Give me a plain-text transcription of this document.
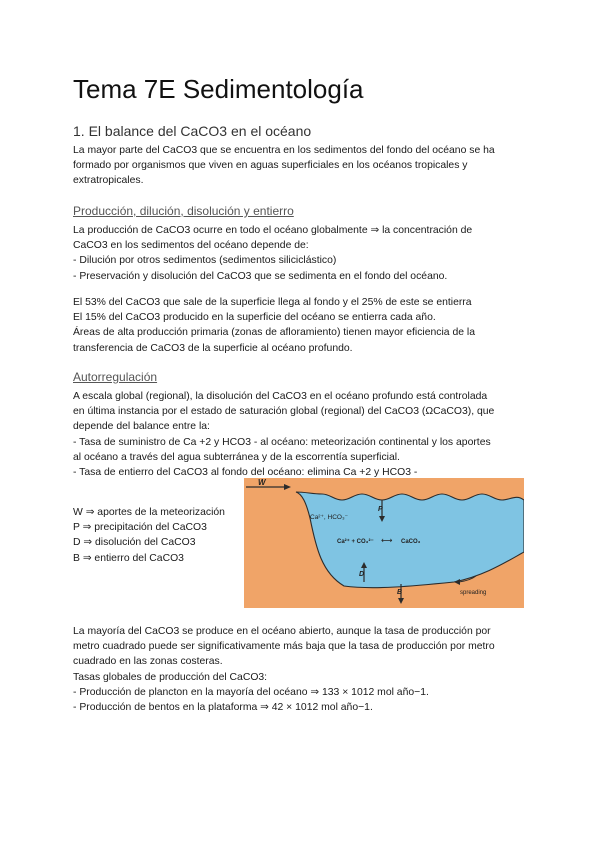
Tema 7E Sedimentología
1. El balance del CaCO3 en el océano
La mayor parte del CaCO3 que se encuentra en los sedimentos del fondo del océano se ha
formado por organismos que viven en aguas superficiales en los océanos tropicales y
extratropicales.
Producción, dilución, disolución y entierro
La producción de CaCO3 ocurre en todo el océano globalmente ⇒ la concentración de
CaCO3 en los sedimentos del océano depende de:
- Dilución por otros sedimentos (sedimentos siliciclástico)
- Preservación y disolución del CaCO3 que se sedimenta en el fondo del océano.
El 53% del CaCO3 que sale de la superficie llega al fondo y el 25% de este se entierra
El 15% del CaCO3 producido en la superficie del océano se entierra cada año.
Áreas de alta producción primaria (zonas de afloramiento) tienen mayor eficiencia de la
transferencia de CaCO3 de la superficie al océano profundo.
Autorregulación
A escala global (regional), la disolución del CaCO3 en el océano profundo está controlada
en última instancia por el estado de saturación global (regional) del CaCO3 (ΩCaCO3), que
depende del balance entre la:
- Tasa de suministro de Ca +2 y HCO3 - al océano: meteorización continental y los aportes
al océano a través del agua subterránea y de la escorrentía superficial.
- Tasa de entierro del CaCO3 al fondo del océano: elimina Ca +2 y HCO3 -
W ⇒ aportes de la meteorización
P ⇒ precipitación del CaCO3
D ⇒ disolución del CaCO3
B ⇒ entierro del CaCO3
W
Ca²⁺, HCO₃⁻
P
Ca²⁺ + CO₃²⁻ ⟷ CaCO₃
D
B	spreading
La mayoría del CaCO3 se produce en el océano abierto, aunque la tasa de producción por
metro cuadrado puede ser significativamente más baja que la tasa de producción por metro
cuadrado en las zonas costeras.
Tasas globales de producción del CaCO3:
- Producción de plancton en la mayoría del océano ⇒ 133 × 1012 mol año−1.
- Producción de bentos en la plataforma ⇒ 42 × 1012 mol año−1.
